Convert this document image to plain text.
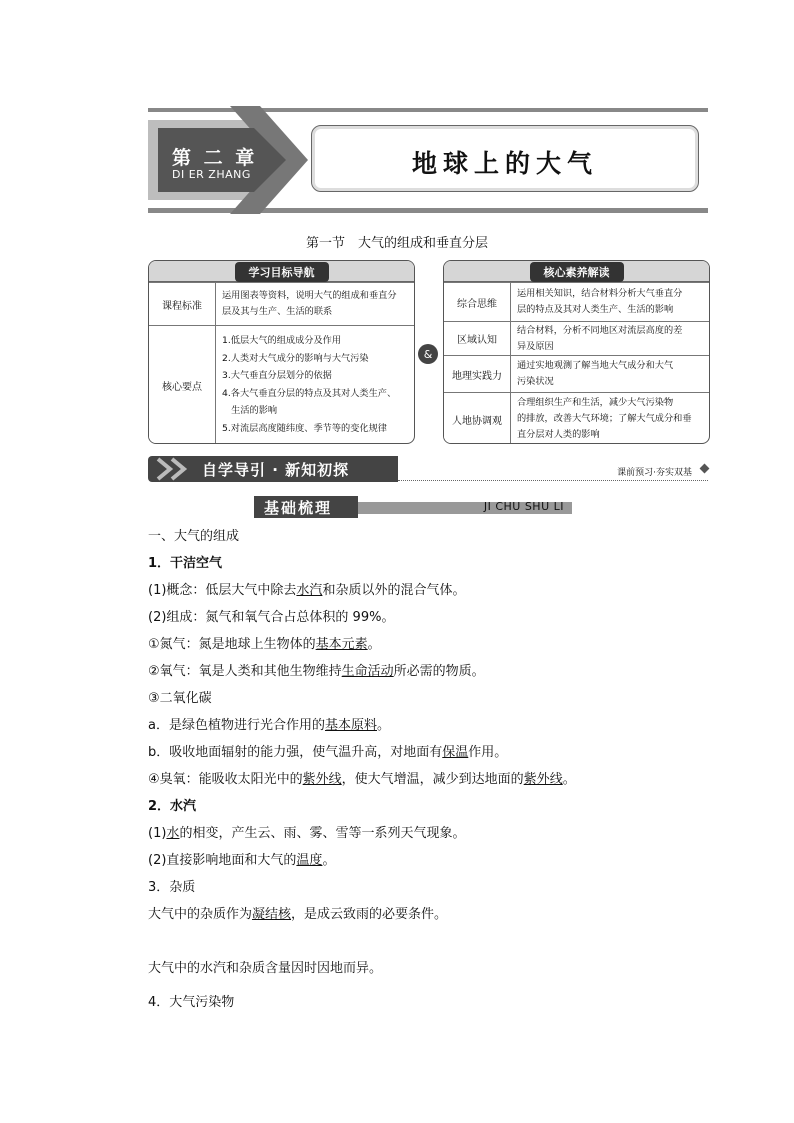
第 二 章
DI ER ZHANG	地球上的大气
第一节　大气的组成和垂直分层
学习目标导航
课程标准
运用图表等资料，说明大气的组成和垂直分
层及其与生产、生活的联系
核心要点
1.低层大气的组成成分及作用
2.人类对大气成分的影响与大气污染
3.大气垂直分层划分的依据
4.各大气垂直分层的特点及其对人类生产、
　生活的影响
5.对流层高度随纬度、季节等的变化规律
&
核心素养解读
综合思维
运用相关知识，结合材料分析大气垂直分
层的特点及其对人类生产、生活的影响
区域认知
结合材料，分析不同地区对流层高度的差
异及原因
地理实践力
通过实地观测了解当地大气成分和大气
污染状况
人地协调观
合理组织生产和生活，减少大气污染物
的排放，改善大气环境；了解大气成分和垂
直分层对人类的影响
自学导引 · 新知初探	课前预习·夯实双基
基础梳理	JI CHU SHU LI
一、大气的组成
1．干洁空气
(1)概念：低层大气中除去水汽和杂质以外的混合气体。
(2)组成：氮气和氧气合占总体积的 99%。
①氮气：氮是地球上生物体的基本元素。
②氧气：氧是人类和其他生物维持生命活动所必需的物质。
③二氧化碳
a．是绿色植物进行光合作用的基本原料。
b．吸收地面辐射的能力强，使气温升高，对地面有保温作用。
④臭氧：能吸收太阳光中的紫外线，使大气增温，减少到达地面的紫外线。
2．水汽
(1)水的相变，产生云、雨、雾、雪等一系列天气现象。
(2)直接影响地面和大气的温度。
3．杂质
大气中的杂质作为凝结核，是成云致雨的必要条件。
大气中的水汽和杂质含量因时因地而异。
4．大气污染物
